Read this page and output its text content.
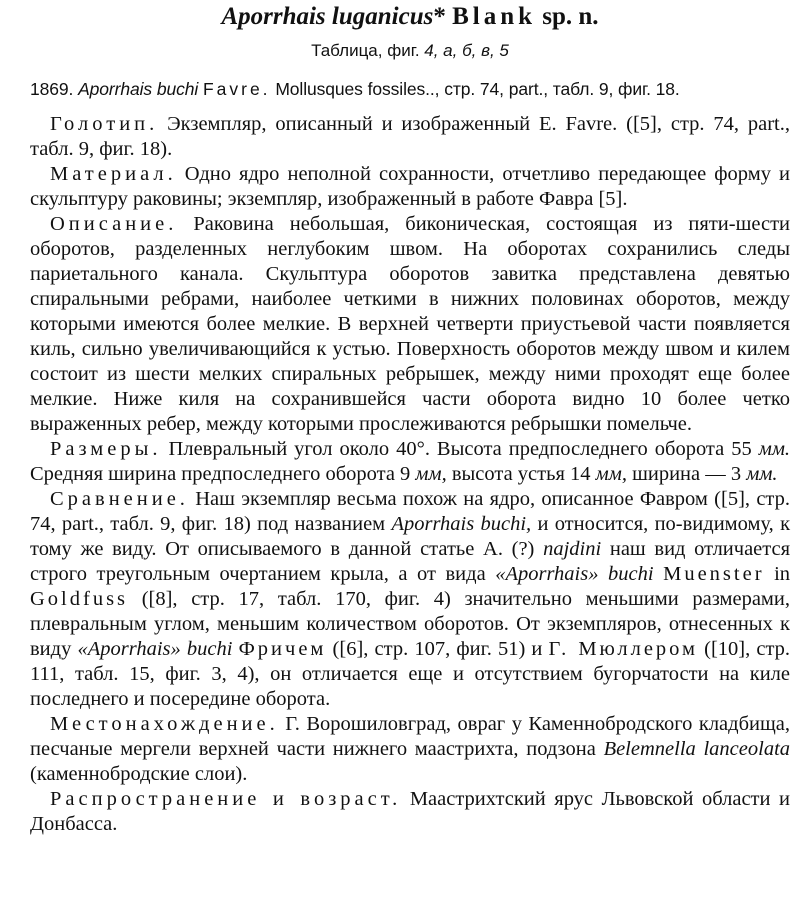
Aporrhais luganicus* Blank sp. n.

Таблица, фиг. 4, а, б, в, 5

1869. Aporrhais buchi Favre. Mollusques fossiles.., стр. 74, part., табл. 9, фиг. 18.

Голотип. Экземпляр, описанный и изображенный E. Favre. ([5], стр. 74, part., табл. 9, фиг. 18).

Материал. Одно ядро неполной сохранности, отчетливо передающее форму и скульптуру раковины; экземпляр, изображенный в работе Фавра [5].

Описание. Раковина небольшая, биконическая, состоящая из пяти-шести оборотов, разделенных неглубоким швом. На оборотах сохранились следы париетального канала. Скульптура оборотов завитка представлена девятью спиральными ребрами, наиболее четкими в нижних половинах оборотов, между которыми имеются более мелкие. В верхней четверти приустьевой части появляется киль, сильно увеличивающийся к устью. Поверхность оборотов между швом и килем состоит из шести мелких спиральных ребрышек, между ними проходят еще более мелкие. Ниже киля на сохранившейся части оборота видно 10 более четко выраженных ребер, между которыми прослеживаются ребрышки помельче.

Размеры. Плевральный угол около 40°. Высота предпоследнего оборота 55 мм. Средняя ширина предпоследнего оборота 9 мм, высота устья 14 мм, ширина — 3 мм.

Сравнение. Наш экземпляр весьма похож на ядро, описанное Фавром ([5], стр. 74, part., табл. 9, фиг. 18) под названием Aporrhais buchi, и относится, по-видимому, к тому же виду. От описываемого в данной статье А. (?) najdini наш вид отличается строго треугольным очертанием крыла, а от вида «Aporrhais» buchi Muenster in Goldfuss ([8], стр. 17, табл. 170, фиг. 4) значительно меньшими размерами, плевральным углом, меньшим количеством оборотов. От экземпляров, отнесенных к виду «Aporrhais» buchi Фричем ([6], стр. 107, фиг. 51) и Г. Мюллером ([10], стр. 111, табл. 15, фиг. 3, 4), он отличается еще и отсутствием бугорчатости на киле последнего и посередине оборота.

Местонахождение. Г. Ворошиловград, овраг у Каменнобродского кладбища, песчаные мергели верхней части нижнего маастрихта, подзона Belemnella lanceolata (каменнобродские слои).

Распространение и возраст. Маастрихтский ярус Львовской области и Донбасса.
